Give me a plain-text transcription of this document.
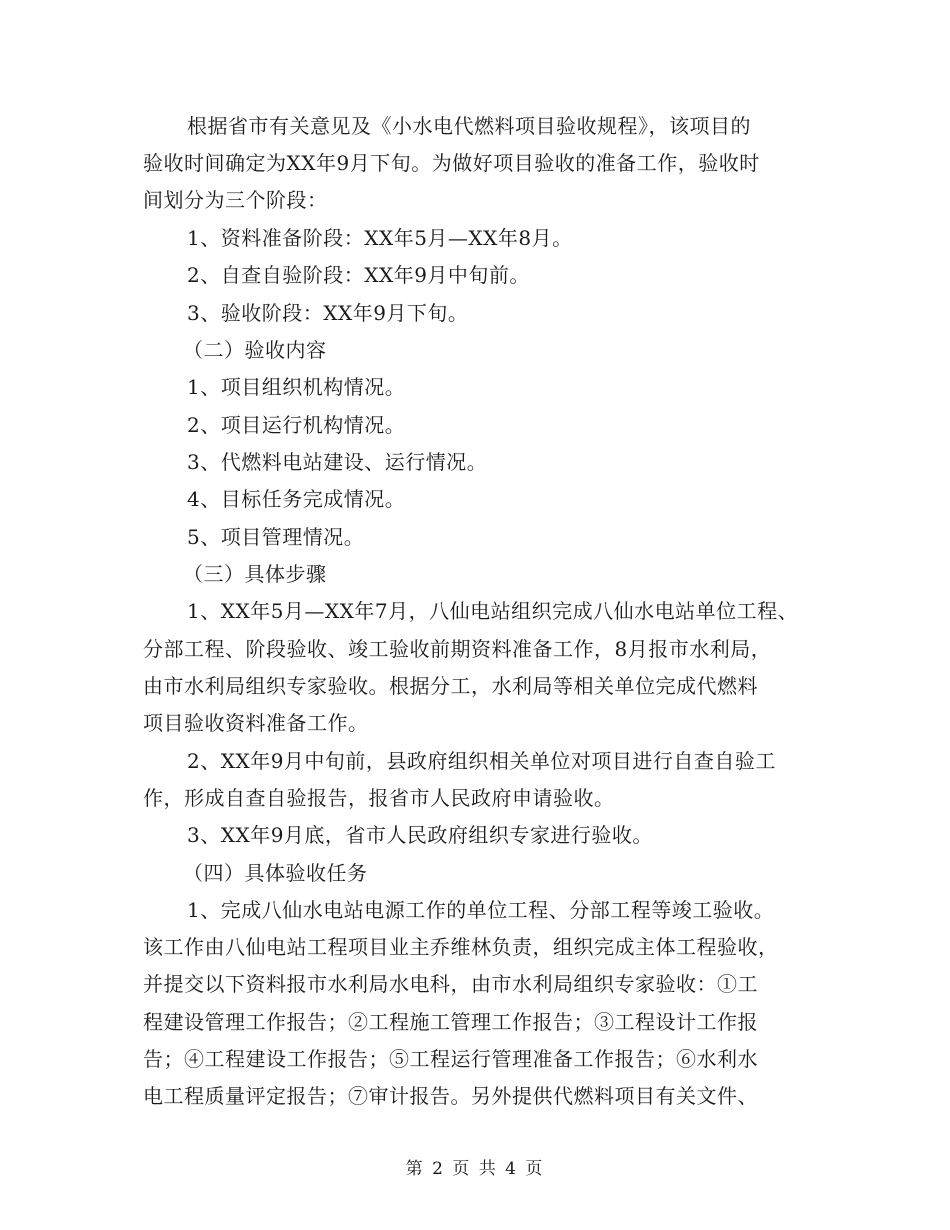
根据省市有关意见及《小水电代燃料项目验收规程》，该项目的
验收时间确定为XX年9月下旬。为做好项目验收的准备工作，验收时
间划分为三个阶段：
1、资料准备阶段：XX年5月—XX年8月。
2、自查自验阶段：XX年9月中旬前。
3、验收阶段：XX年9月下旬。
（二）验收内容
1、项目组织机构情况。
2、项目运行机构情况。
3、代燃料电站建设、运行情况。
4、目标任务完成情况。
5、项目管理情况。
（三）具体步骤
1、XX年5月—XX年7月，八仙电站组织完成八仙水电站单位工程、
分部工程、阶段验收、竣工验收前期资料准备工作，8月报市水利局，
由市水利局组织专家验收。根据分工，水利局等相关单位完成代燃料
项目验收资料准备工作。
2、XX年9月中旬前，县政府组织相关单位对项目进行自查自验工
作，形成自查自验报告，报省市人民政府申请验收。
3、XX年9月底，省市人民政府组织专家进行验收。
（四）具体验收任务
1、完成八仙水电站电源工作的单位工程、分部工程等竣工验收。
该工作由八仙电站工程项目业主乔维林负责，组织完成主体工程验收，
并提交以下资料报市水利局水电科，由市水利局组织专家验收：①工
程建设管理工作报告；②工程施工管理工作报告；③工程设计工作报
告；④工程建设工作报告；⑤工程运行管理准备工作报告；⑥水利水
电工程质量评定报告；⑦审计报告。另外提供代燃料项目有关文件、
第 2 页 共 4 页
